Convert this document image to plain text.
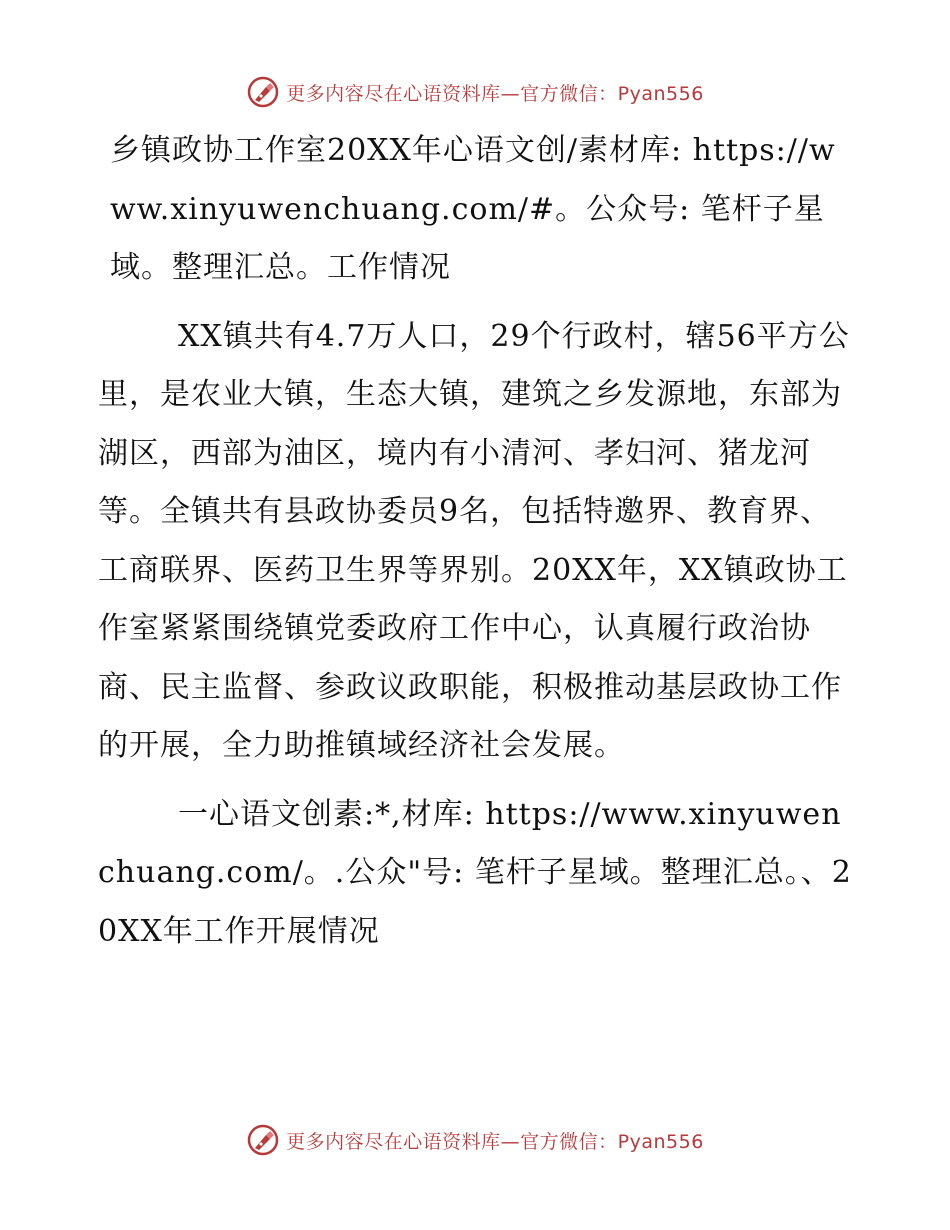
更多内容尽在心语资料库—官方微信：Pyan556

乡镇政协工作室20XX年心语文创/素材库: https://www.xinyuwenchuang.com/#。公众号: 笔杆子星域。整理汇总。工作情况

XX镇共有4.7万人口，29个行政村，辖56平方公里，是农业大镇，生态大镇，建筑之乡发源地，东部为湖区，西部为油区，境内有小清河、孝妇河、猪龙河等。全镇共有县政协委员9名，包括特邀界、教育界、工商联界、医药卫生界等界别。20XX年，XX镇政协工作室紧紧围绕镇党委政府工作中心，认真履行政治协商、民主监督、参政议政职能，积极推动基层政协工作的开展，全力助推镇域经济社会发展。

一心语文创素:*,材库: https://www.xinyuwenchuang.com/。.公众"号: 笔杆子星域。整理汇总。、20XX年工作开展情况

更多内容尽在心语资料库—官方微信：Pyan556
